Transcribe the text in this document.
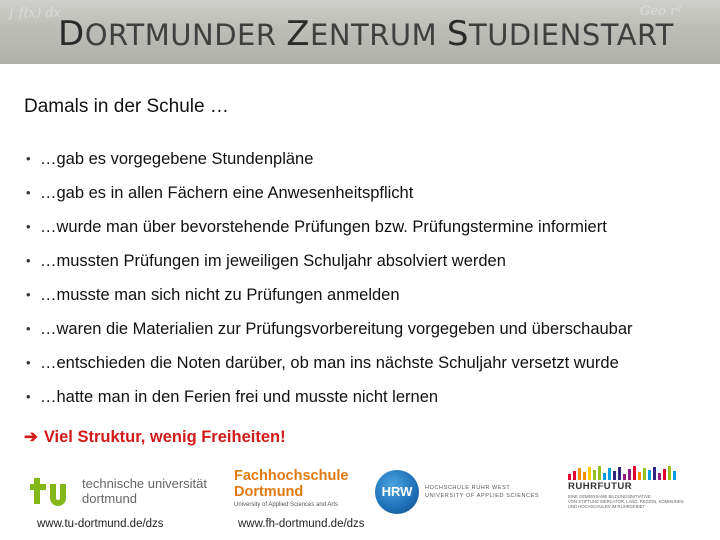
∫ f(x) dx	Geo r²
DORTMUNDER ZENTRUM STUDIENSTART
Damals in der Schule …
• …gab es vorgegebene Stundenpläne
• …gab es in allen Fächern eine Anwesenheitspflicht
• …wurde man über bevorstehende Prüfungen bzw. Prüfungstermine informiert
• …mussten Prüfungen im jeweiligen Schuljahr absolviert werden
• …musste man sich nicht zu Prüfungen anmelden
• …waren die Materialien zur Prüfungsvorbereitung vorgegeben und überschaubar
• …entschieden die Noten darüber, ob man ins nächste Schuljahr versetzt wurde
• …hatte man in den Ferien frei und musste nicht lernen
➔ Viel Struktur, wenig Freiheiten!
technische universität
dortmund
www.tu-dortmund.de/dzs
Fachhochschule
Dortmund
University of Applied Sciences and Arts
www.fh-dortmund.de/dzs
HRW	HOCHSCHULE RUHR WEST
UNIVERSITY OF APPLIED SCIENCES
RUHRFUTUR
EINE GEMEINSAME BILDUNGSINITIATIVE
VON STIFTUNG MERCATOR, LAND, REGION, KOMMUNEN
UND HOCHSCHULEN IM RUHRGEBIET
